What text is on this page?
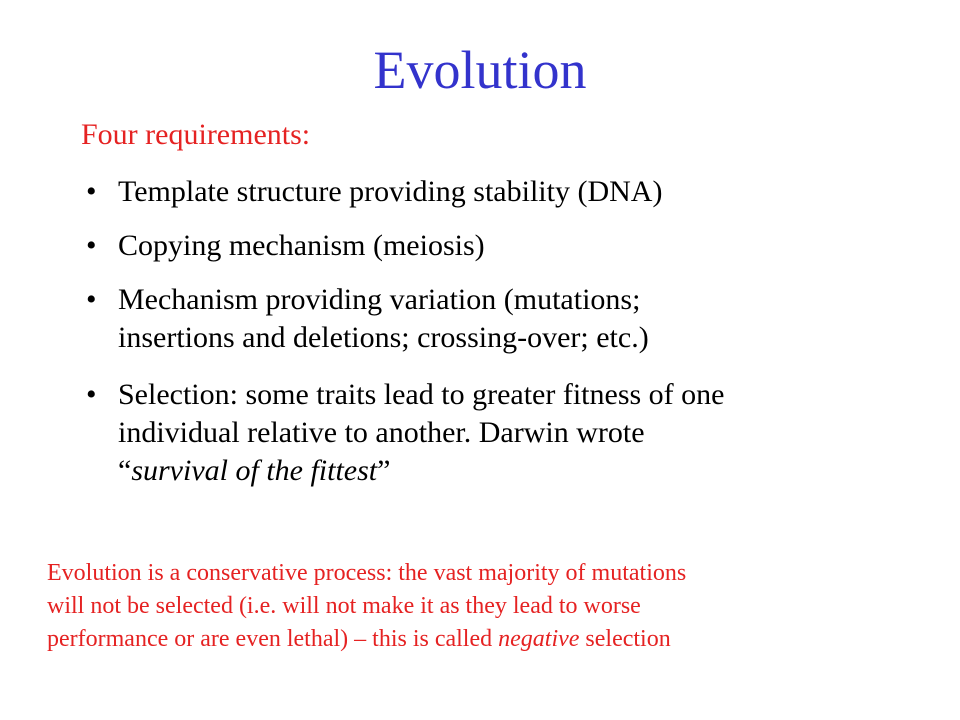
Evolution
Four requirements:
• Template structure providing stability (DNA)
• Copying mechanism (meiosis)
• Mechanism providing variation (mutations;
insertions and deletions; crossing-over; etc.)
• Selection: some traits lead to greater fitness of one
individual relative to another. Darwin wrote
“survival of the fittest”
Evolution is a conservative process: the vast majority of mutations
will not be selected (i.e. will not make it as they lead to worse
performance or are even lethal) – this is called negative selection
